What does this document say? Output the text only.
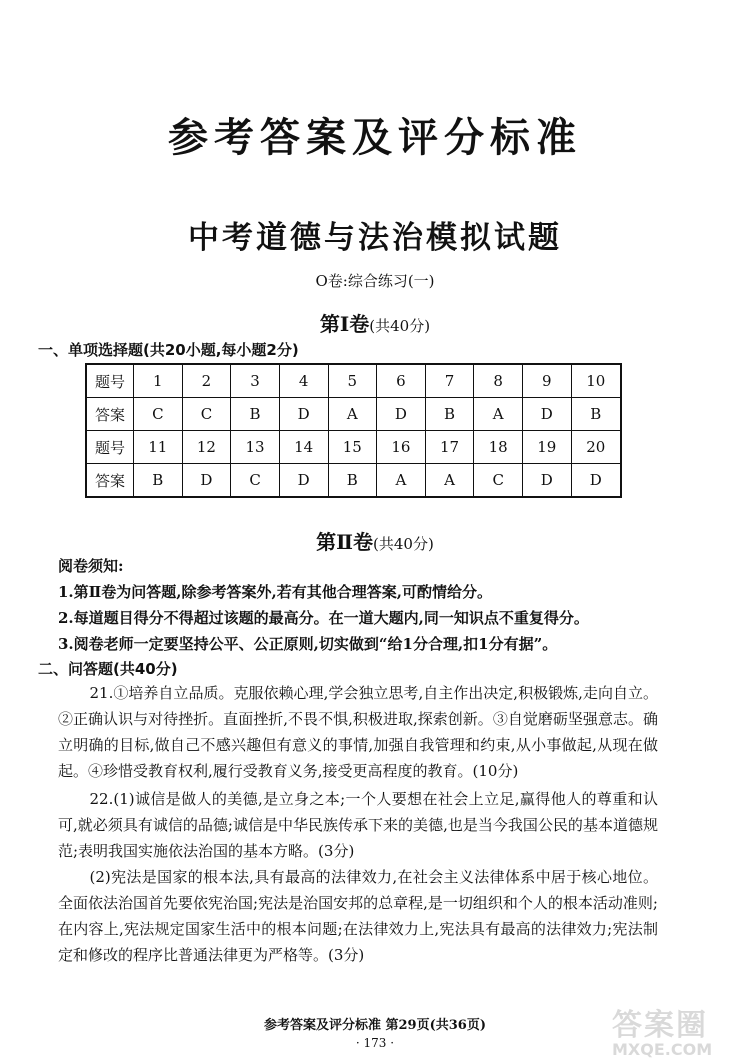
参考答案及评分标准
中考道德与法治模拟试题
O卷:综合练习(一)
第Ⅰ卷(共40分)
一、单项选择题(共20小题,每小题2分)
题号	1	2	3	4	5	6	7	8	9	10
答案	C	C	B	D	A	D	B	A	D	B
题号	11	12	13	14	15	16	17	18	19	20
答案	B	D	C	D	B	A	A	C	D	D
第Ⅱ卷(共40分)
阅卷须知:
1.第Ⅱ卷为问答题,除参考答案外,若有其他合理答案,可酌情给分。
2.每道题目得分不得超过该题的最高分。在一道大题内,同一知识点不重复得分。
3.阅卷老师一定要坚持公平、公正原则,切实做到“给1分合理,扣1分有据”。
二、问答题(共40分)

21.①培养自立品质。克服依赖心理,学会独立思考,自主作出决定,积极锻炼,走向自立。②正确认识与对待挫折。直面挫折,不畏不惧,积极进取,探索创新。③自觉磨砺坚强意志。确立明确的目标,做自己不感兴趣但有意义的事情,加强自我管理和约束,从小事做起,从现在做起。④珍惜受教育权利,履行受教育义务,接受更高程度的教育。(10分)

22.(1)诚信是做人的美德,是立身之本;一个人要想在社会上立足,赢得他人的尊重和认可,就必须具有诚信的品德;诚信是中华民族传承下来的美德,也是当今我国公民的基本道德规范;表明我国实施依法治国的基本方略。(3分)

(2)宪法是国家的根本法,具有最高的法律效力,在社会主义法律体系中居于核心地位。全面依法治国首先要依宪治国;宪法是治国安邦的总章程,是一切组织和个人的根本活动准则;在内容上,宪法规定国家生活中的根本问题;在法律效力上,宪法具有最高的法律效力;宪法制定和修改的程序比普通法律更为严格等。(3分)

参考答案及评分标准 第29页(共36页)
· 173 ·	答案圈
MXQE.COM
